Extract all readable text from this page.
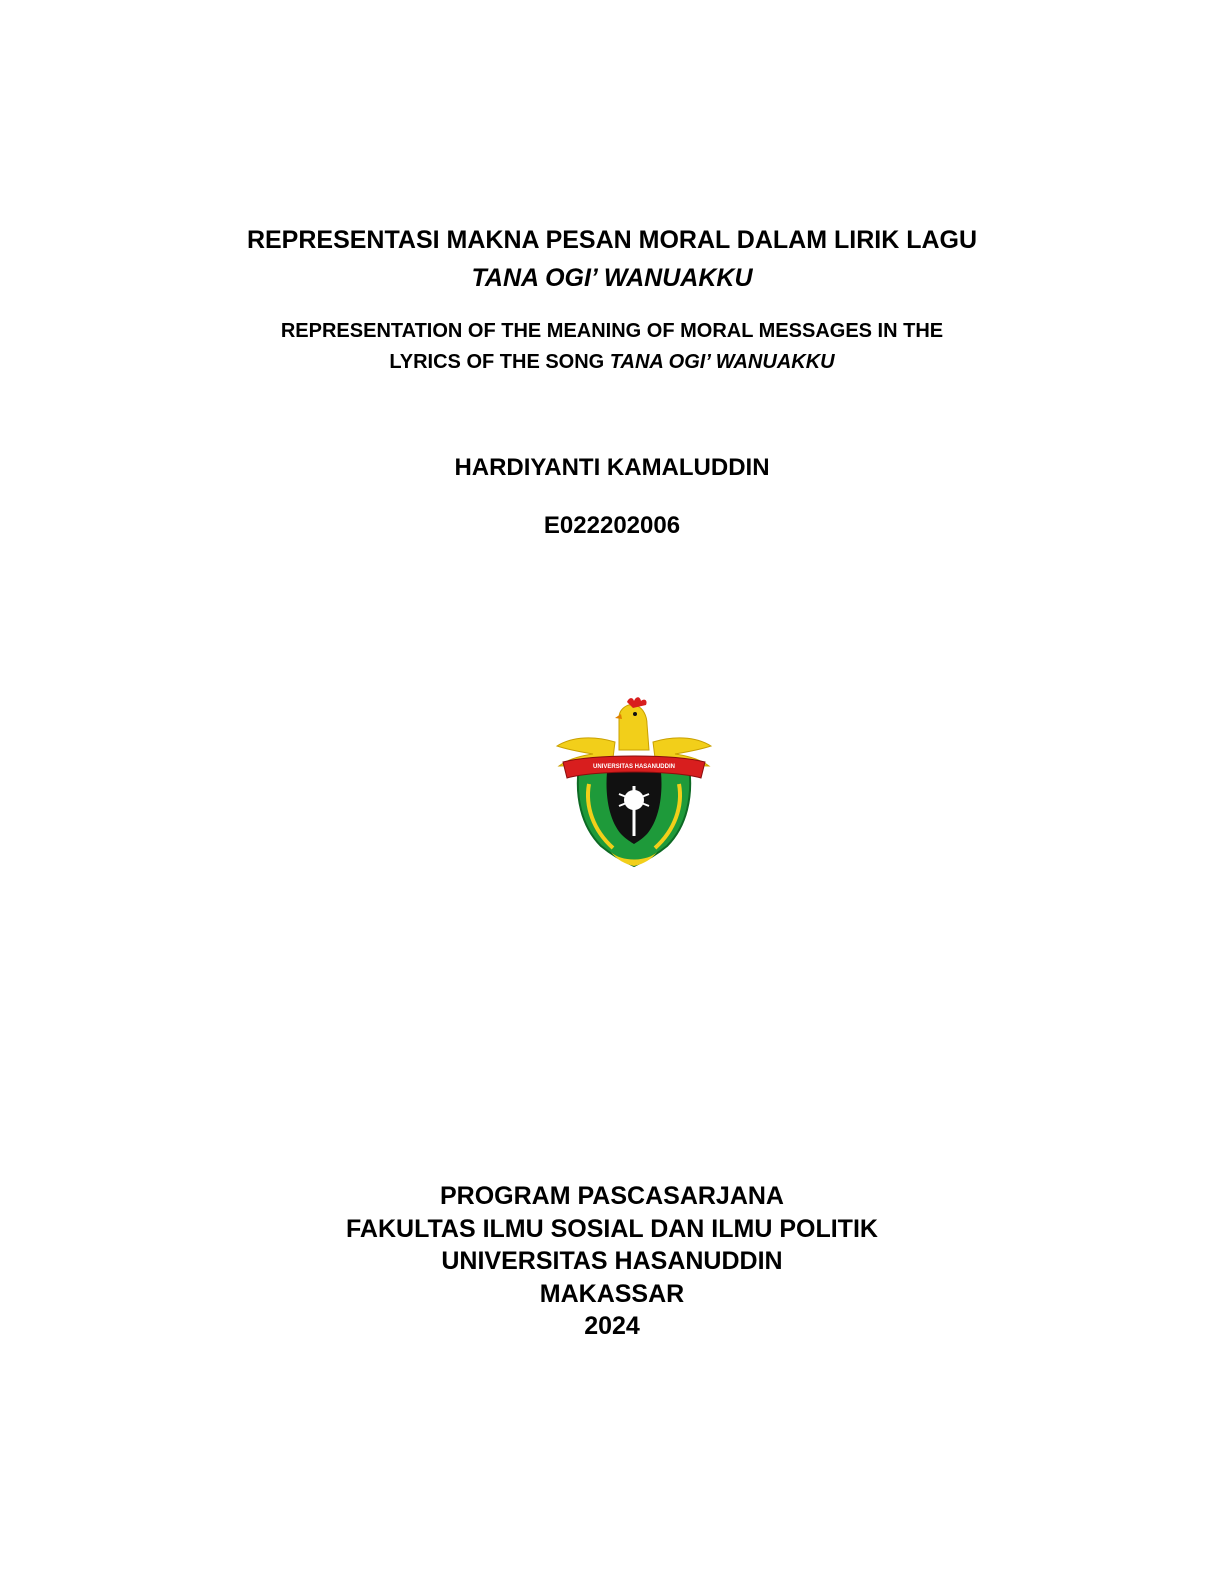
REPRESENTASI MAKNA PESAN MORAL DALAM LIRIK LAGU
TANA OGI’ WANUAKKU
REPRESENTATION OF THE MEANING OF MORAL MESSAGES IN THE
LYRICS OF THE SONG TANA OGI’ WANUAKKU
HARDIYANTI KAMALUDDIN
E022202006
UNIVERSITAS HASANUDDIN
PROGRAM PASCASARJANA
FAKULTAS ILMU SOSIAL DAN ILMU POLITIK
UNIVERSITAS HASANUDDIN
MAKASSAR
2024
